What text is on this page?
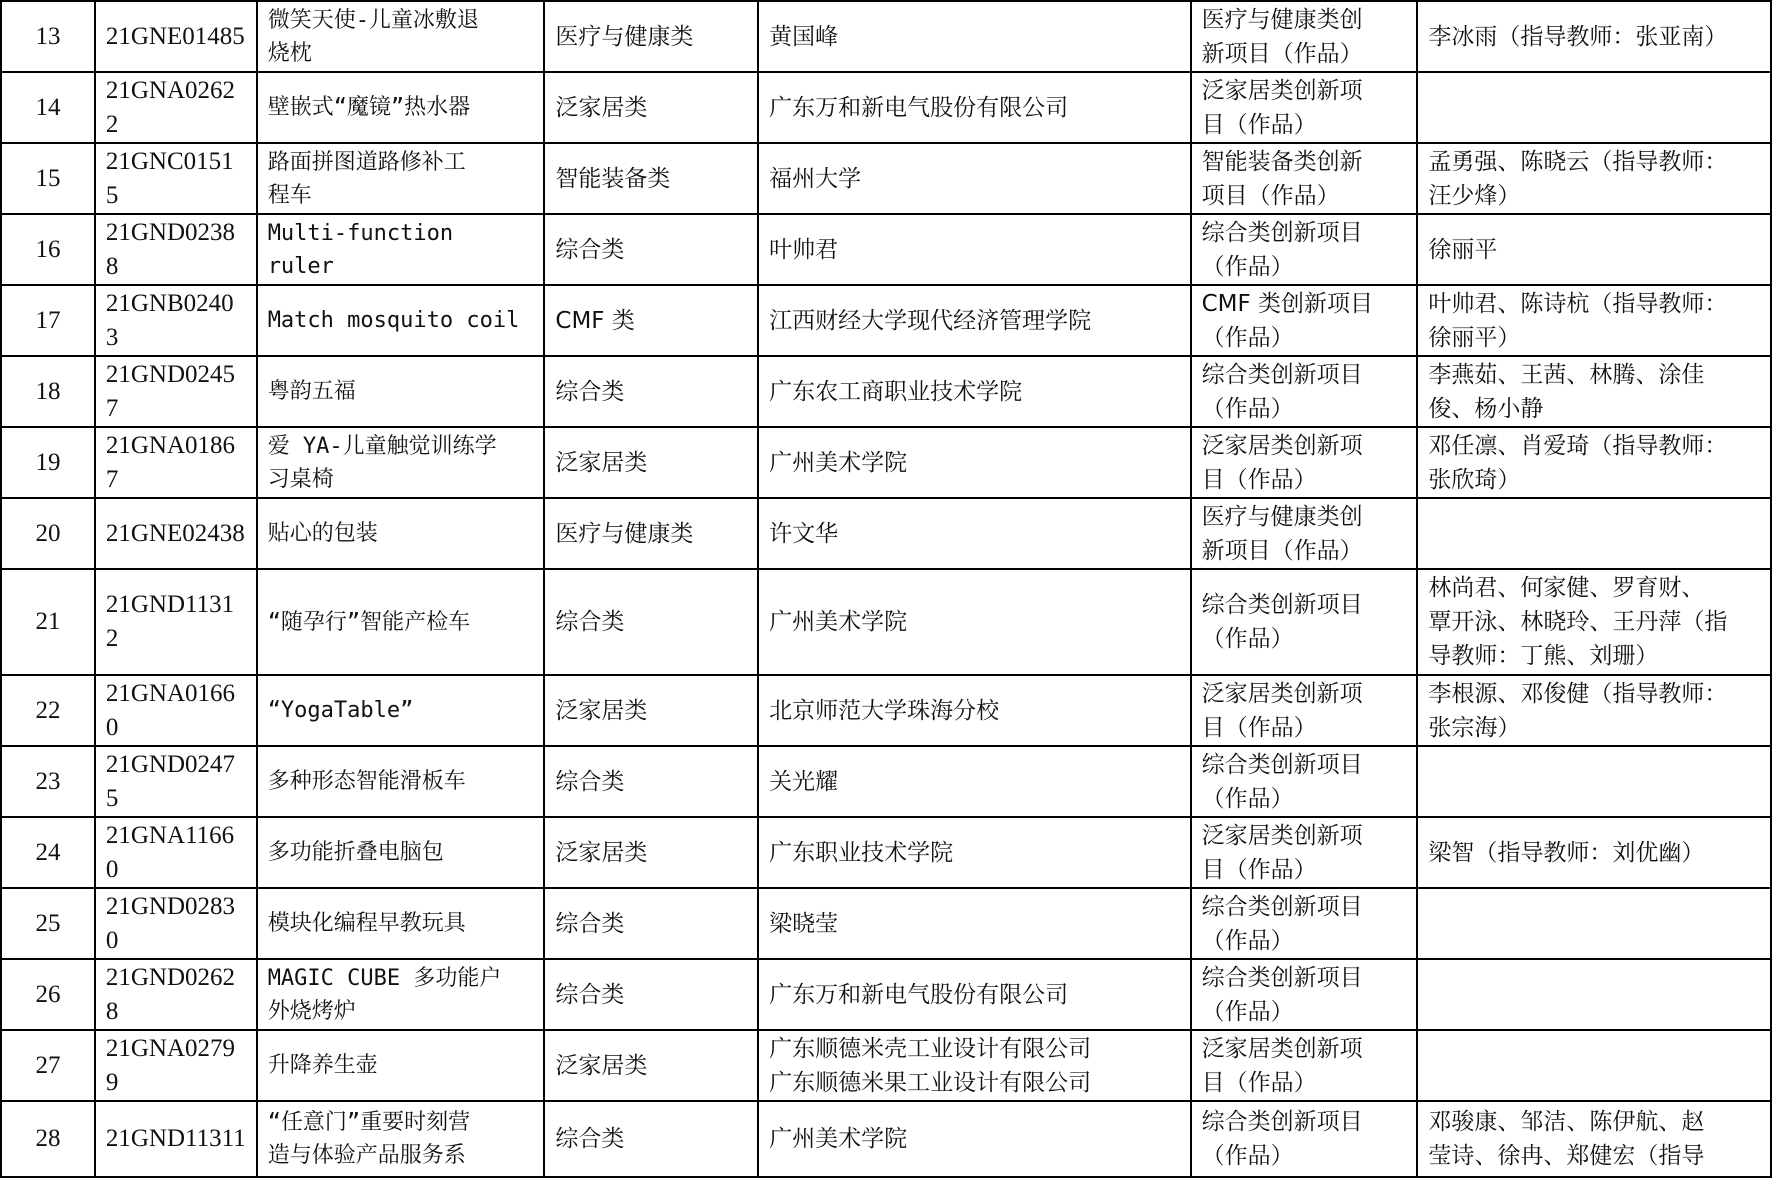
13	21GNE01485	微笑天使-儿童冰敷退
烧枕	医疗与健康类	黄国峰	医疗与健康类创
新项目（作品）	李冰雨（指导教师：张亚南）
14	21GNA02622	壁嵌式“魔镜”热水器	泛家居类	广东万和新电气股份有限公司	泛家居类创新项
目（作品）	
15	21GNC01515	路面拼图道路修补工
程车	智能装备类	福州大学	智能装备类创新
项目（作品）	孟勇强、陈晓云（指导教师：
汪少烽）
16	21GND02388	Multi-function
ruler	综合类	叶帅君	综合类创新项目
（作品）	徐丽平
17	21GNB02403	Match mosquito coil	CMF 类	江西财经大学现代经济管理学院	CMF 类创新项目
（作品）	叶帅君、陈诗杭（指导教师：
徐丽平）
18	21GND02457	粤韵五福	综合类	广东农工商职业技术学院	综合类创新项目
（作品）	李燕茹、王茜、林腾、涂佳
俊、杨小静
19	21GNA01867	爱 YA-儿童触觉训练学
习桌椅	泛家居类	广州美术学院	泛家居类创新项
目（作品）	邓任凛、肖爱琦（指导教师：
张欣琦）
20	21GNE02438	贴心的包装	医疗与健康类	许文华	医疗与健康类创
新项目（作品）	
21	21GND11312	“随孕行”智能产检车	综合类	广州美术学院	综合类创新项目
（作品）	林尚君、何家健、罗育财、
覃开泳、林晓玲、王丹萍（指
导教师：丁熊、刘珊）
22	21GNA01660	“YogaTable”	泛家居类	北京师范大学珠海分校	泛家居类创新项
目（作品）	李根源、邓俊健（指导教师：
张宗海）
23	21GND02475	多种形态智能滑板车	综合类	关光耀	综合类创新项目
（作品）	
24	21GNA11660	多功能折叠电脑包	泛家居类	广东职业技术学院	泛家居类创新项
目（作品）	梁智（指导教师：刘优幽）
25	21GND02830	模块化编程早教玩具	综合类	梁晓莹	综合类创新项目
（作品）	
26	21GND02628	MAGIC CUBE 多功能户
外烧烤炉	综合类	广东万和新电气股份有限公司	综合类创新项目
（作品）	
27	21GNA02799	升降养生壶	泛家居类	广东顺德米壳工业设计有限公司
广东顺德米果工业设计有限公司	泛家居类创新项
目（作品）	
28	21GND11311	“任意门”重要时刻营
造与体验产品服务系	综合类	广州美术学院	综合类创新项目
（作品）	邓骏康、邹洁、陈伊航、赵
莹诗、徐冉、郑健宏（指导
